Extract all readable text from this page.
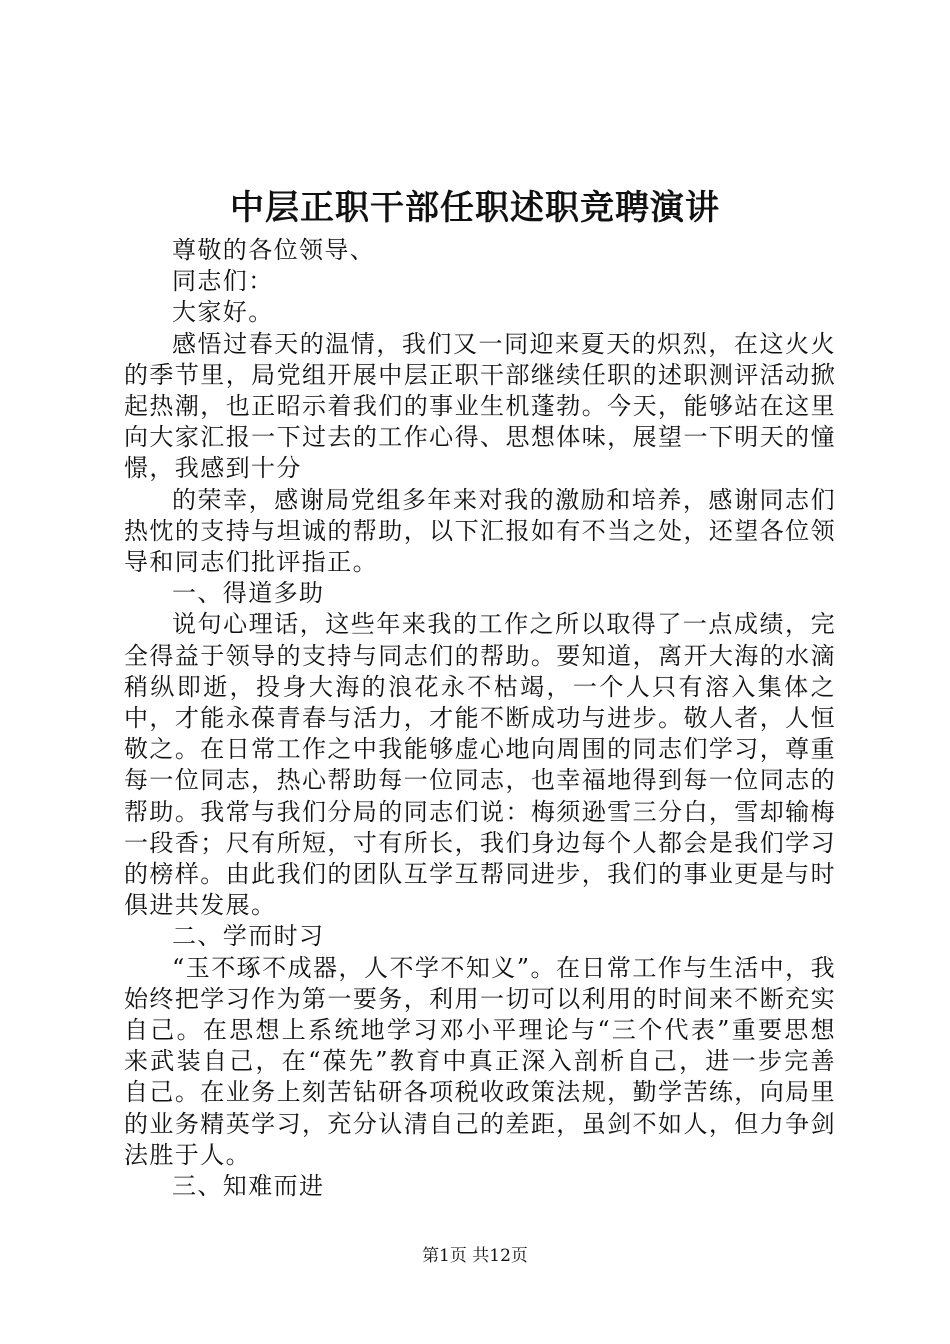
中层正职干部任职述职竞聘演讲

尊敬的各位领导、

同志们：

大家好。

感悟过春天的温情，我们又一同迎来夏天的炽烈，在这火火的季节里，局党组开展中层正职干部继续任职的述职测评活动掀起热潮，也正昭示着我们的事业生机蓬勃。今天，能够站在这里向大家汇报一下过去的工作心得、思想体味，展望一下明天的憧憬，我感到十分

的荣幸，感谢局党组多年来对我的激励和培养，感谢同志们热忱的支持与坦诚的帮助，以下汇报如有不当之处，还望各位领导和同志们批评指正。

一、得道多助

说句心理话，这些年来我的工作之所以取得了一点成绩，完全得益于领导的支持与同志们的帮助。要知道，离开大海的水滴稍纵即逝，投身大海的浪花永不枯竭，一个人只有溶入集体之中，才能永葆青春与活力，才能不断成功与进步。敬人者，人恒敬之。在日常工作之中我能够虚心地向周围的同志们学习，尊重每一位同志，热心帮助每一位同志，也幸福地得到每一位同志的帮助。我常与我们分局的同志们说：梅须逊雪三分白，雪却输梅一段香；尺有所短，寸有所长，我们身边每个人都会是我们学习的榜样。由此我们的团队互学互帮同进步，我们的事业更是与时俱进共发展。

二、学而时习

“玉不琢不成器，人不学不知义”。在日常工作与生活中，我始终把学习作为第一要务，利用一切可以利用的时间来不断充实自己。在思想上系统地学习邓小平理论与“三个代表”重要思想来武装自己，在“葆先”教育中真正深入剖析自己，进一步完善自己。在业务上刻苦钻研各项税收政策法规，勤学苦练，向局里的业务精英学习，充分认清自己的差距，虽剑不如人，但力争剑法胜于人。

三、知难而进

第1页 共12页
